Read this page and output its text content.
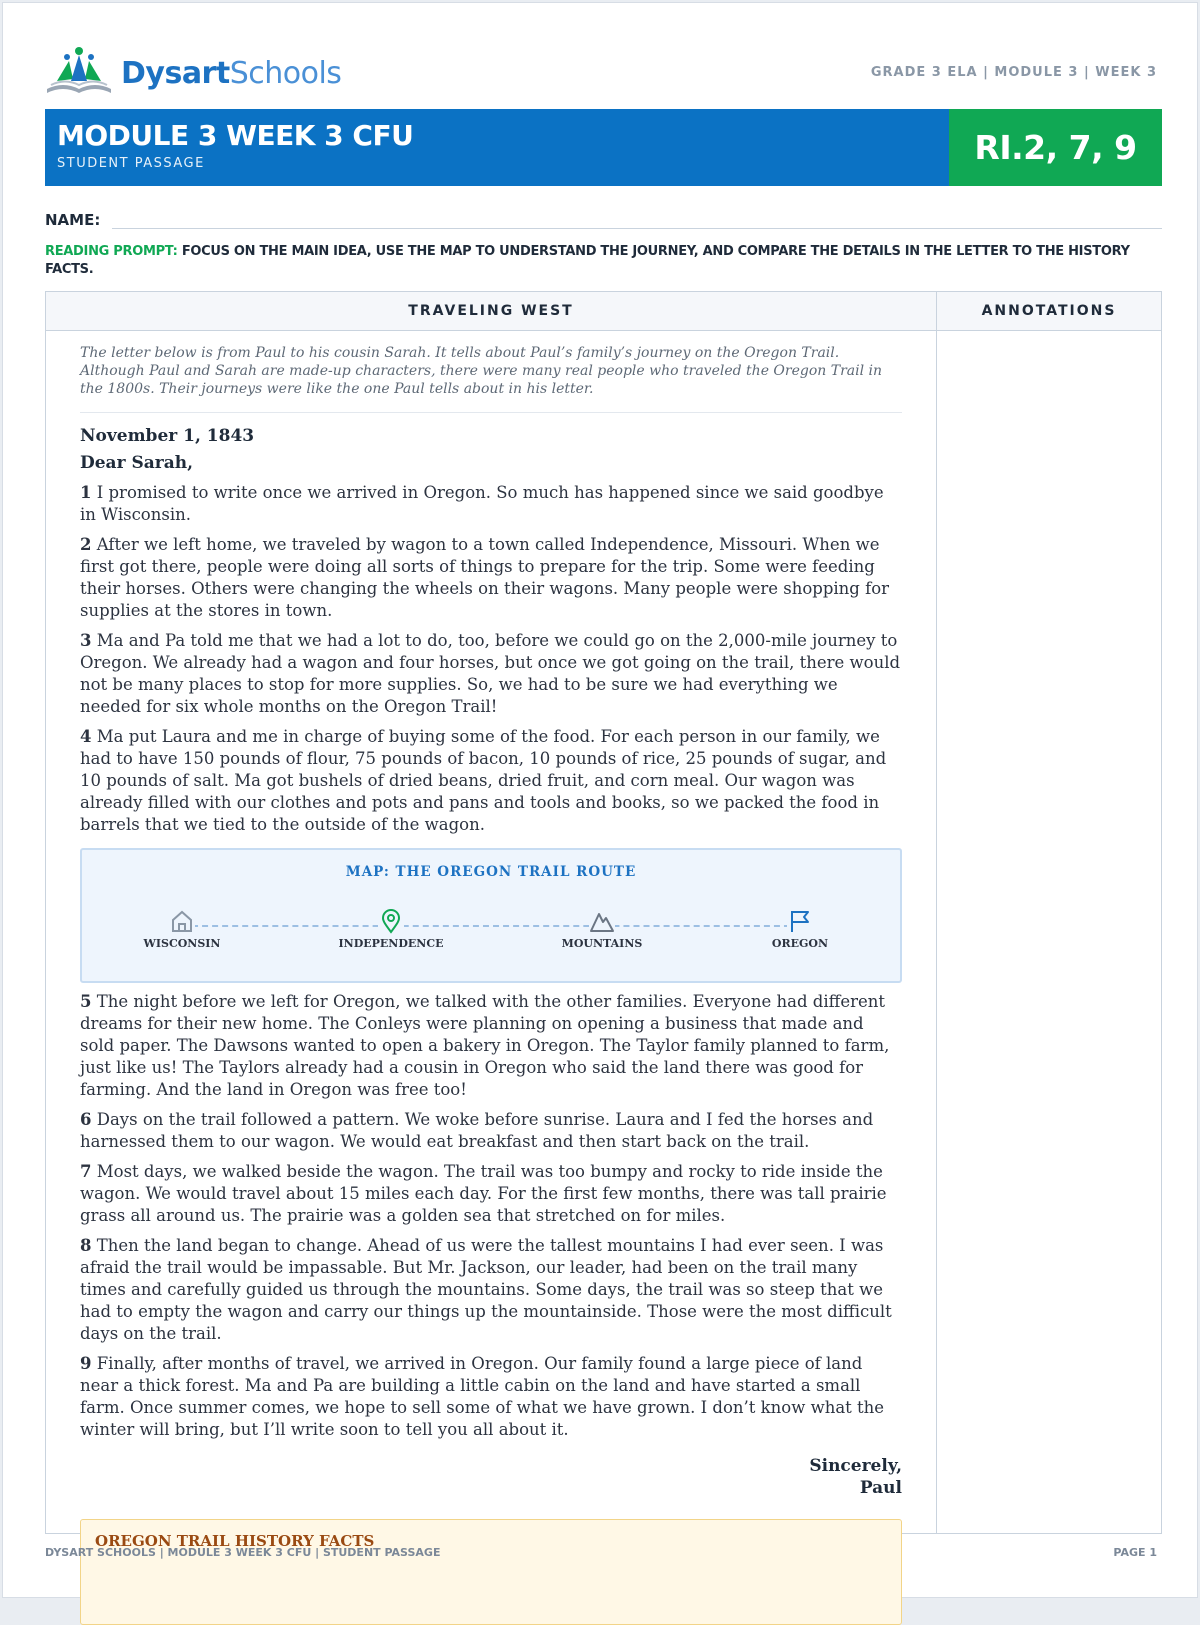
DysartSchools	GRADE 3 ELA | MODULE 3 | WEEK 3
MODULE 3 WEEK 3 CFU
STUDENT PASSAGE	RI.2, 7, 9
NAME:
READING PROMPT: FOCUS ON THE MAIN IDEA, USE THE MAP TO UNDERSTAND THE JOURNEY, AND COMPARE THE DETAILS IN THE LETTER TO THE HISTORY FACTS.
TRAVELING WEST	ANNOTATIONS
The letter below is from Paul to his cousin Sarah. It tells about Paul’s family’s journey on the Oregon Trail. Although Paul and Sarah are made-up characters, there were many real people who traveled the Oregon Trail in the 1800s. Their journeys were like the one Paul tells about in his letter.
November 1, 1843
Dear Sarah,
1 I promised to write once we arrived in Oregon. So much has happened since we said goodbye in Wisconsin.
2 After we left home, we traveled by wagon to a town called Independence, Missouri. When we first got there, people were doing all sorts of things to prepare for the trip. Some were feeding their horses. Others were changing the wheels on their wagons. Many people were shopping for supplies at the stores in town.
3 Ma and Pa told me that we had a lot to do, too, before we could go on the 2,000-mile journey to Oregon. We already had a wagon and four horses, but once we got going on the trail, there would not be many places to stop for more supplies. So, we had to be sure we had everything we needed for six whole months on the Oregon Trail!
4 Ma put Laura and me in charge of buying some of the food. For each person in our family, we had to have 150 pounds of flour, 75 pounds of bacon, 10 pounds of rice, 25 pounds of sugar, and 10 pounds of salt. Ma got bushels of dried beans, dried fruit, and corn meal. Our wagon was already filled with our clothes and pots and pans and tools and books, so we packed the food in barrels that we tied to the outside of the wagon.
MAP: THE OREGON TRAIL ROUTE
WISCONSIN	INDEPENDENCE	MOUNTAINS	OREGON
5 The night before we left for Oregon, we talked with the other families. Everyone had different dreams for their new home. The Conleys were planning on opening a business that made and sold paper. The Dawsons wanted to open a bakery in Oregon. The Taylor family planned to farm, just like us! The Taylors already had a cousin in Oregon who said the land there was good for farming. And the land in Oregon was free too!
6 Days on the trail followed a pattern. We woke before sunrise. Laura and I fed the horses and harnessed them to our wagon. We would eat breakfast and then start back on the trail.
7 Most days, we walked beside the wagon. The trail was too bumpy and rocky to ride inside the wagon. We would travel about 15 miles each day. For the first few months, there was tall prairie grass all around us. The prairie was a golden sea that stretched on for miles.
8 Then the land began to change. Ahead of us were the tallest mountains I had ever seen. I was afraid the trail would be impassable. But Mr. Jackson, our leader, had been on the trail many times and carefully guided us through the mountains. Some days, the trail was so steep that we had to empty the wagon and carry our things up the mountainside. Those were the most difficult days on the trail.
9 Finally, after months of travel, we arrived in Oregon. Our family found a large piece of land near a thick forest. Ma and Pa are building a little cabin on the land and have started a small farm. Once summer comes, we hope to sell some of what we have grown. I don’t know what the winter will bring, but I’ll write soon to tell you all about it.
Sincerely,
Paul
OREGON TRAIL HISTORY FACTS
DYSART SCHOOLS | MODULE 3 WEEK 3 CFU | STUDENT PASSAGE	PAGE 1
